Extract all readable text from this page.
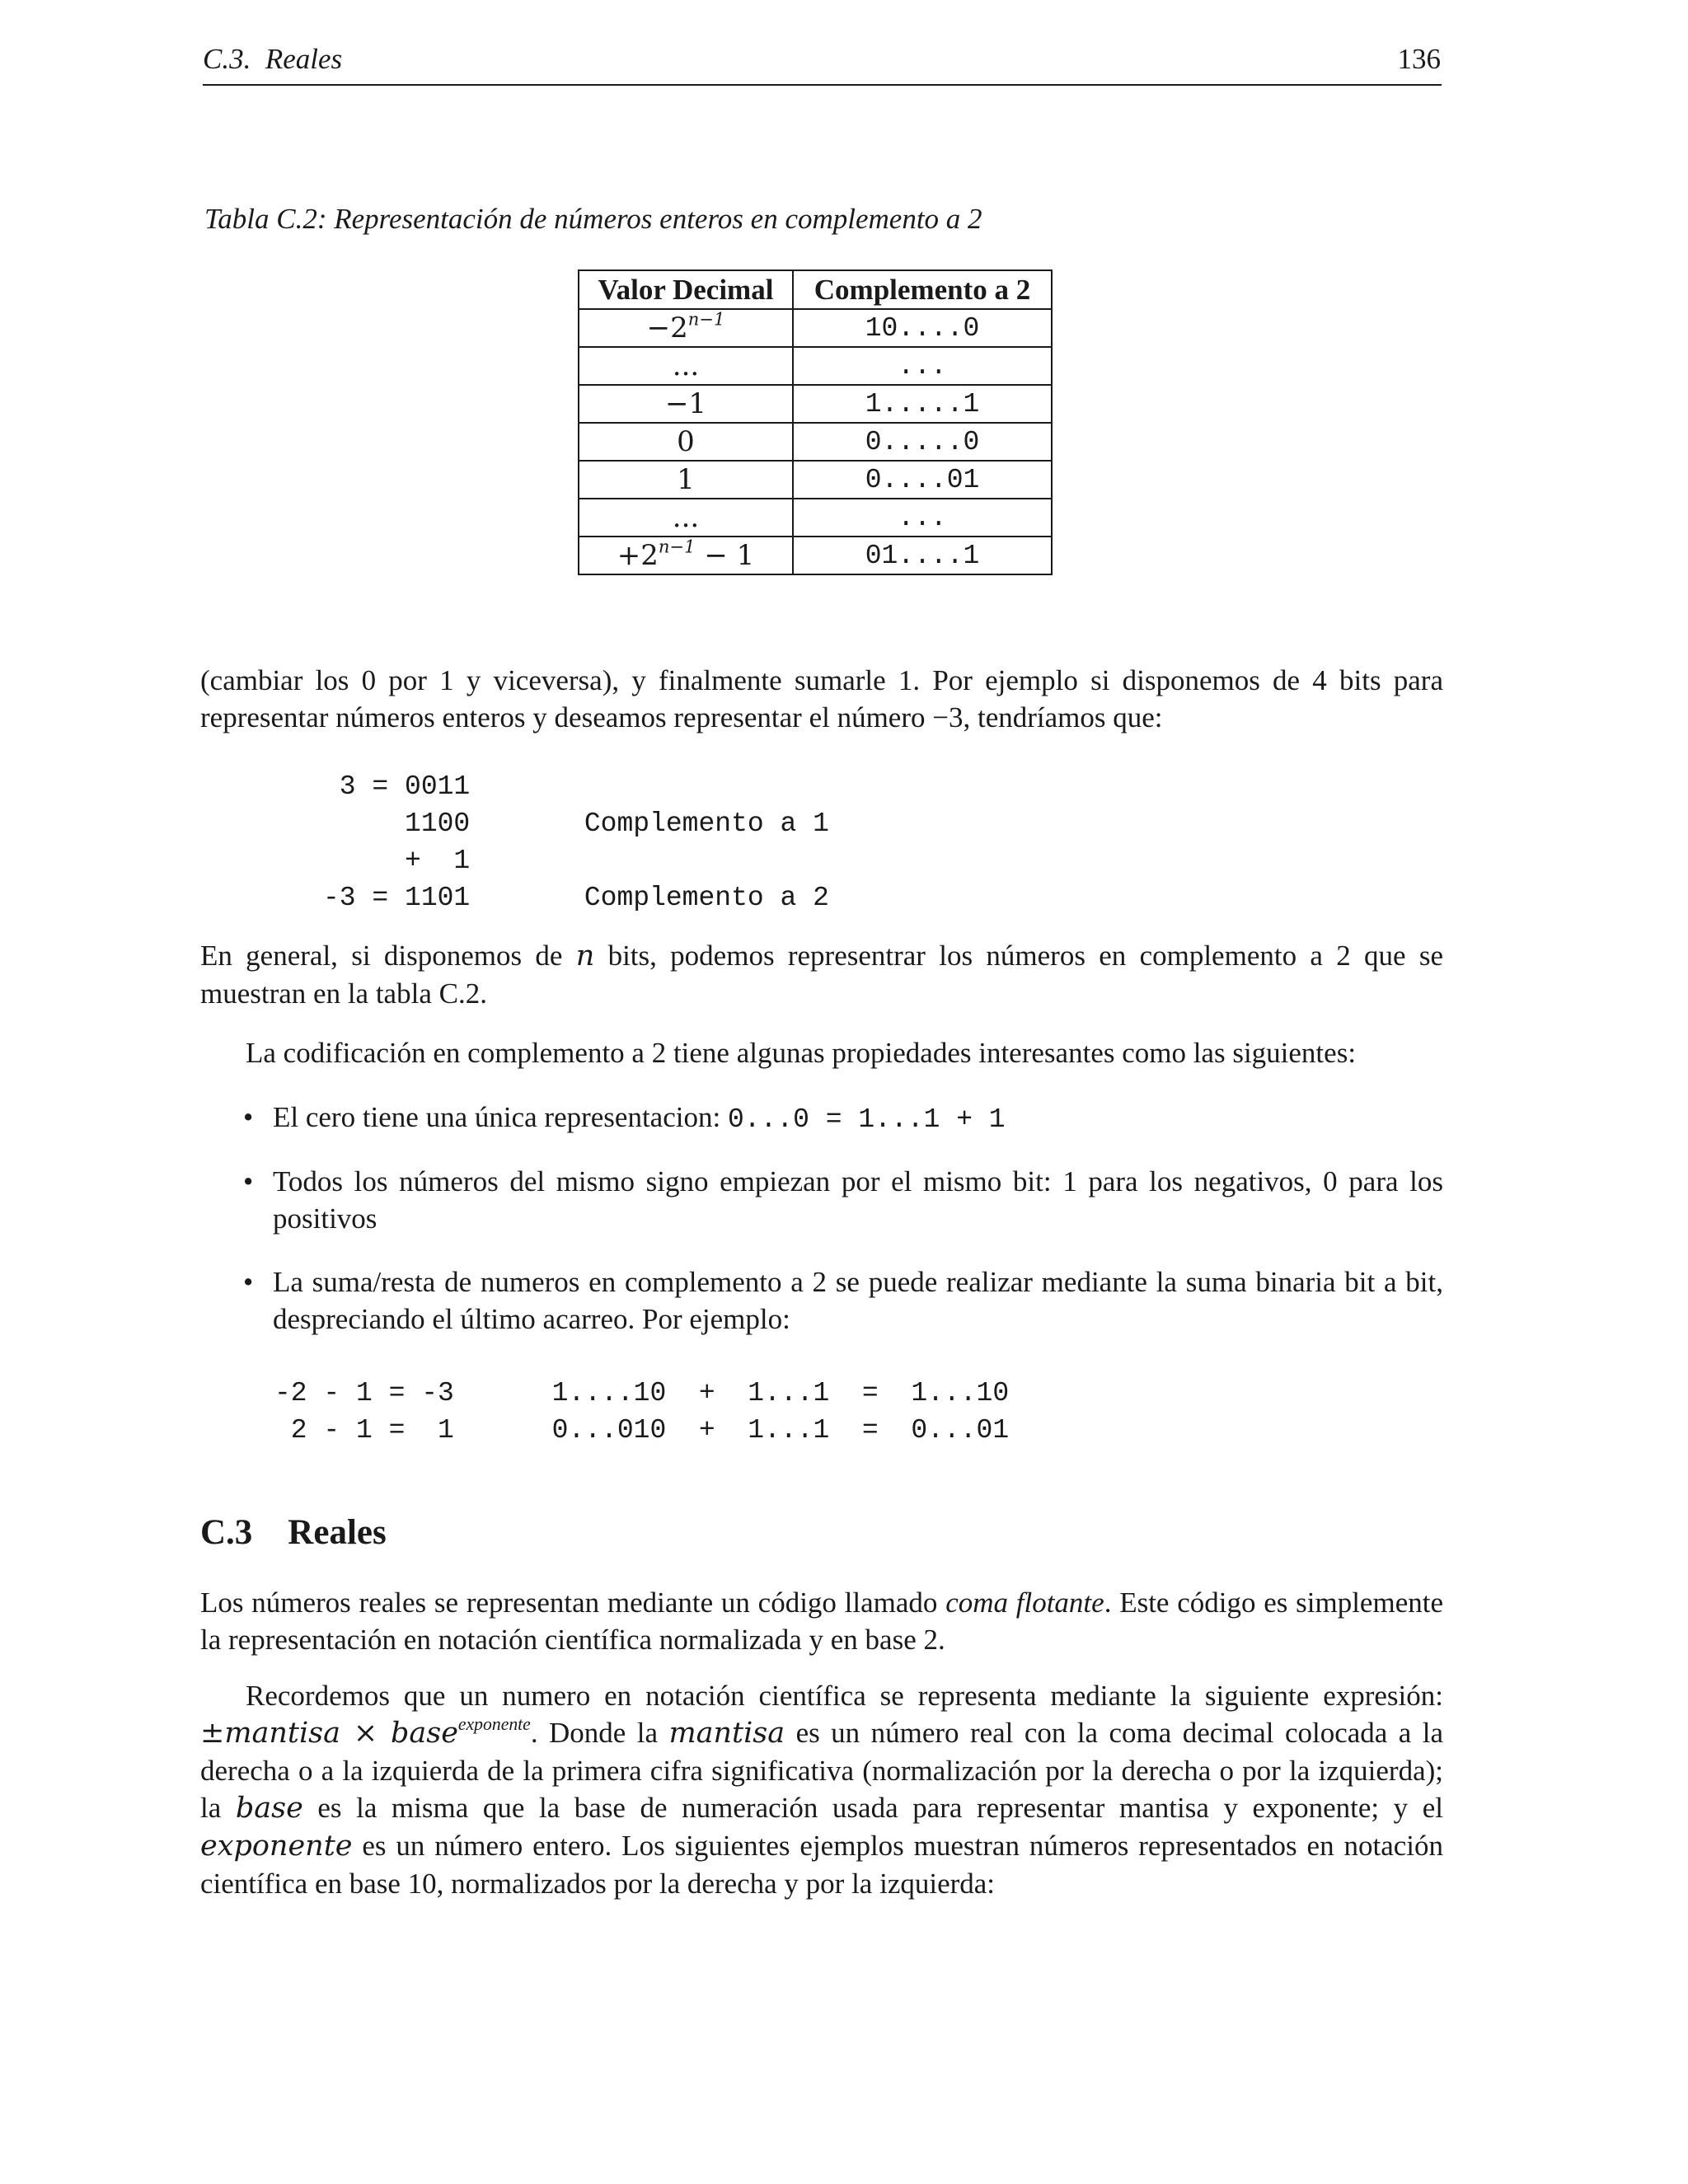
C.3.  Reales	136
Tabla C.2: Representación de números enteros en complemento a 2
Valor Decimal	Complemento a 2
$-2^{n-1}$	10....0
...	...
−1	1.....1
0	0.....0
1	0....01
...	...
$+2^{n-1} - 1$	01....1
(cambiar los 0 por 1 y viceversa), y finalmente sumarle 1. Por ejemplo si disponemos de 4 bits para representar números enteros y deseamos representar el número −3, tendríamos que:
3 = 0011
1100       Complemento a 1
+  1
-3 = 1101       Complemento a 2
En general, si disponemos de n bits, podemos representrar los números en complemento a 2 que se muestran en la tabla C.2.
La codificación en complemento a 2 tiene algunas propiedades interesantes como las siguientes:
• El cero tiene una única representacion: 0...0 = 1...1 + 1
• Todos los números del mismo signo empiezan por el mismo bit: 1 para los negativos, 0 para los positivos
• La suma/resta de numeros en complemento a 2 se puede realizar mediante la suma binaria bit a bit, despreciando el último acarreo. Por ejemplo:
-2 - 1 = -3      1....10  +  1...1  =  1...10
2 - 1 =  1      0...010  +  1...1  =  0...01
C.3    Reales
Los números reales se representan mediante un código llamado coma flotante. Este código es simplemente la representación en notación científica normalizada y en base 2.
Recordemos que un numero en notación científica se representa mediante la siguiente expresión: ±mantisa × base$^{exponente}$. Donde la mantisa es un número real con la coma decimal colocada a la derecha o a la izquierda de la primera cifra significativa (normalización por la derecha o por la izquierda); la base es la misma que la base de numeración usada para representar mantisa y exponente; y el exponente es un número entero. Los siguientes ejemplos muestran números representados en notación científica en base 10, normalizados por la derecha y por la izquierda:
